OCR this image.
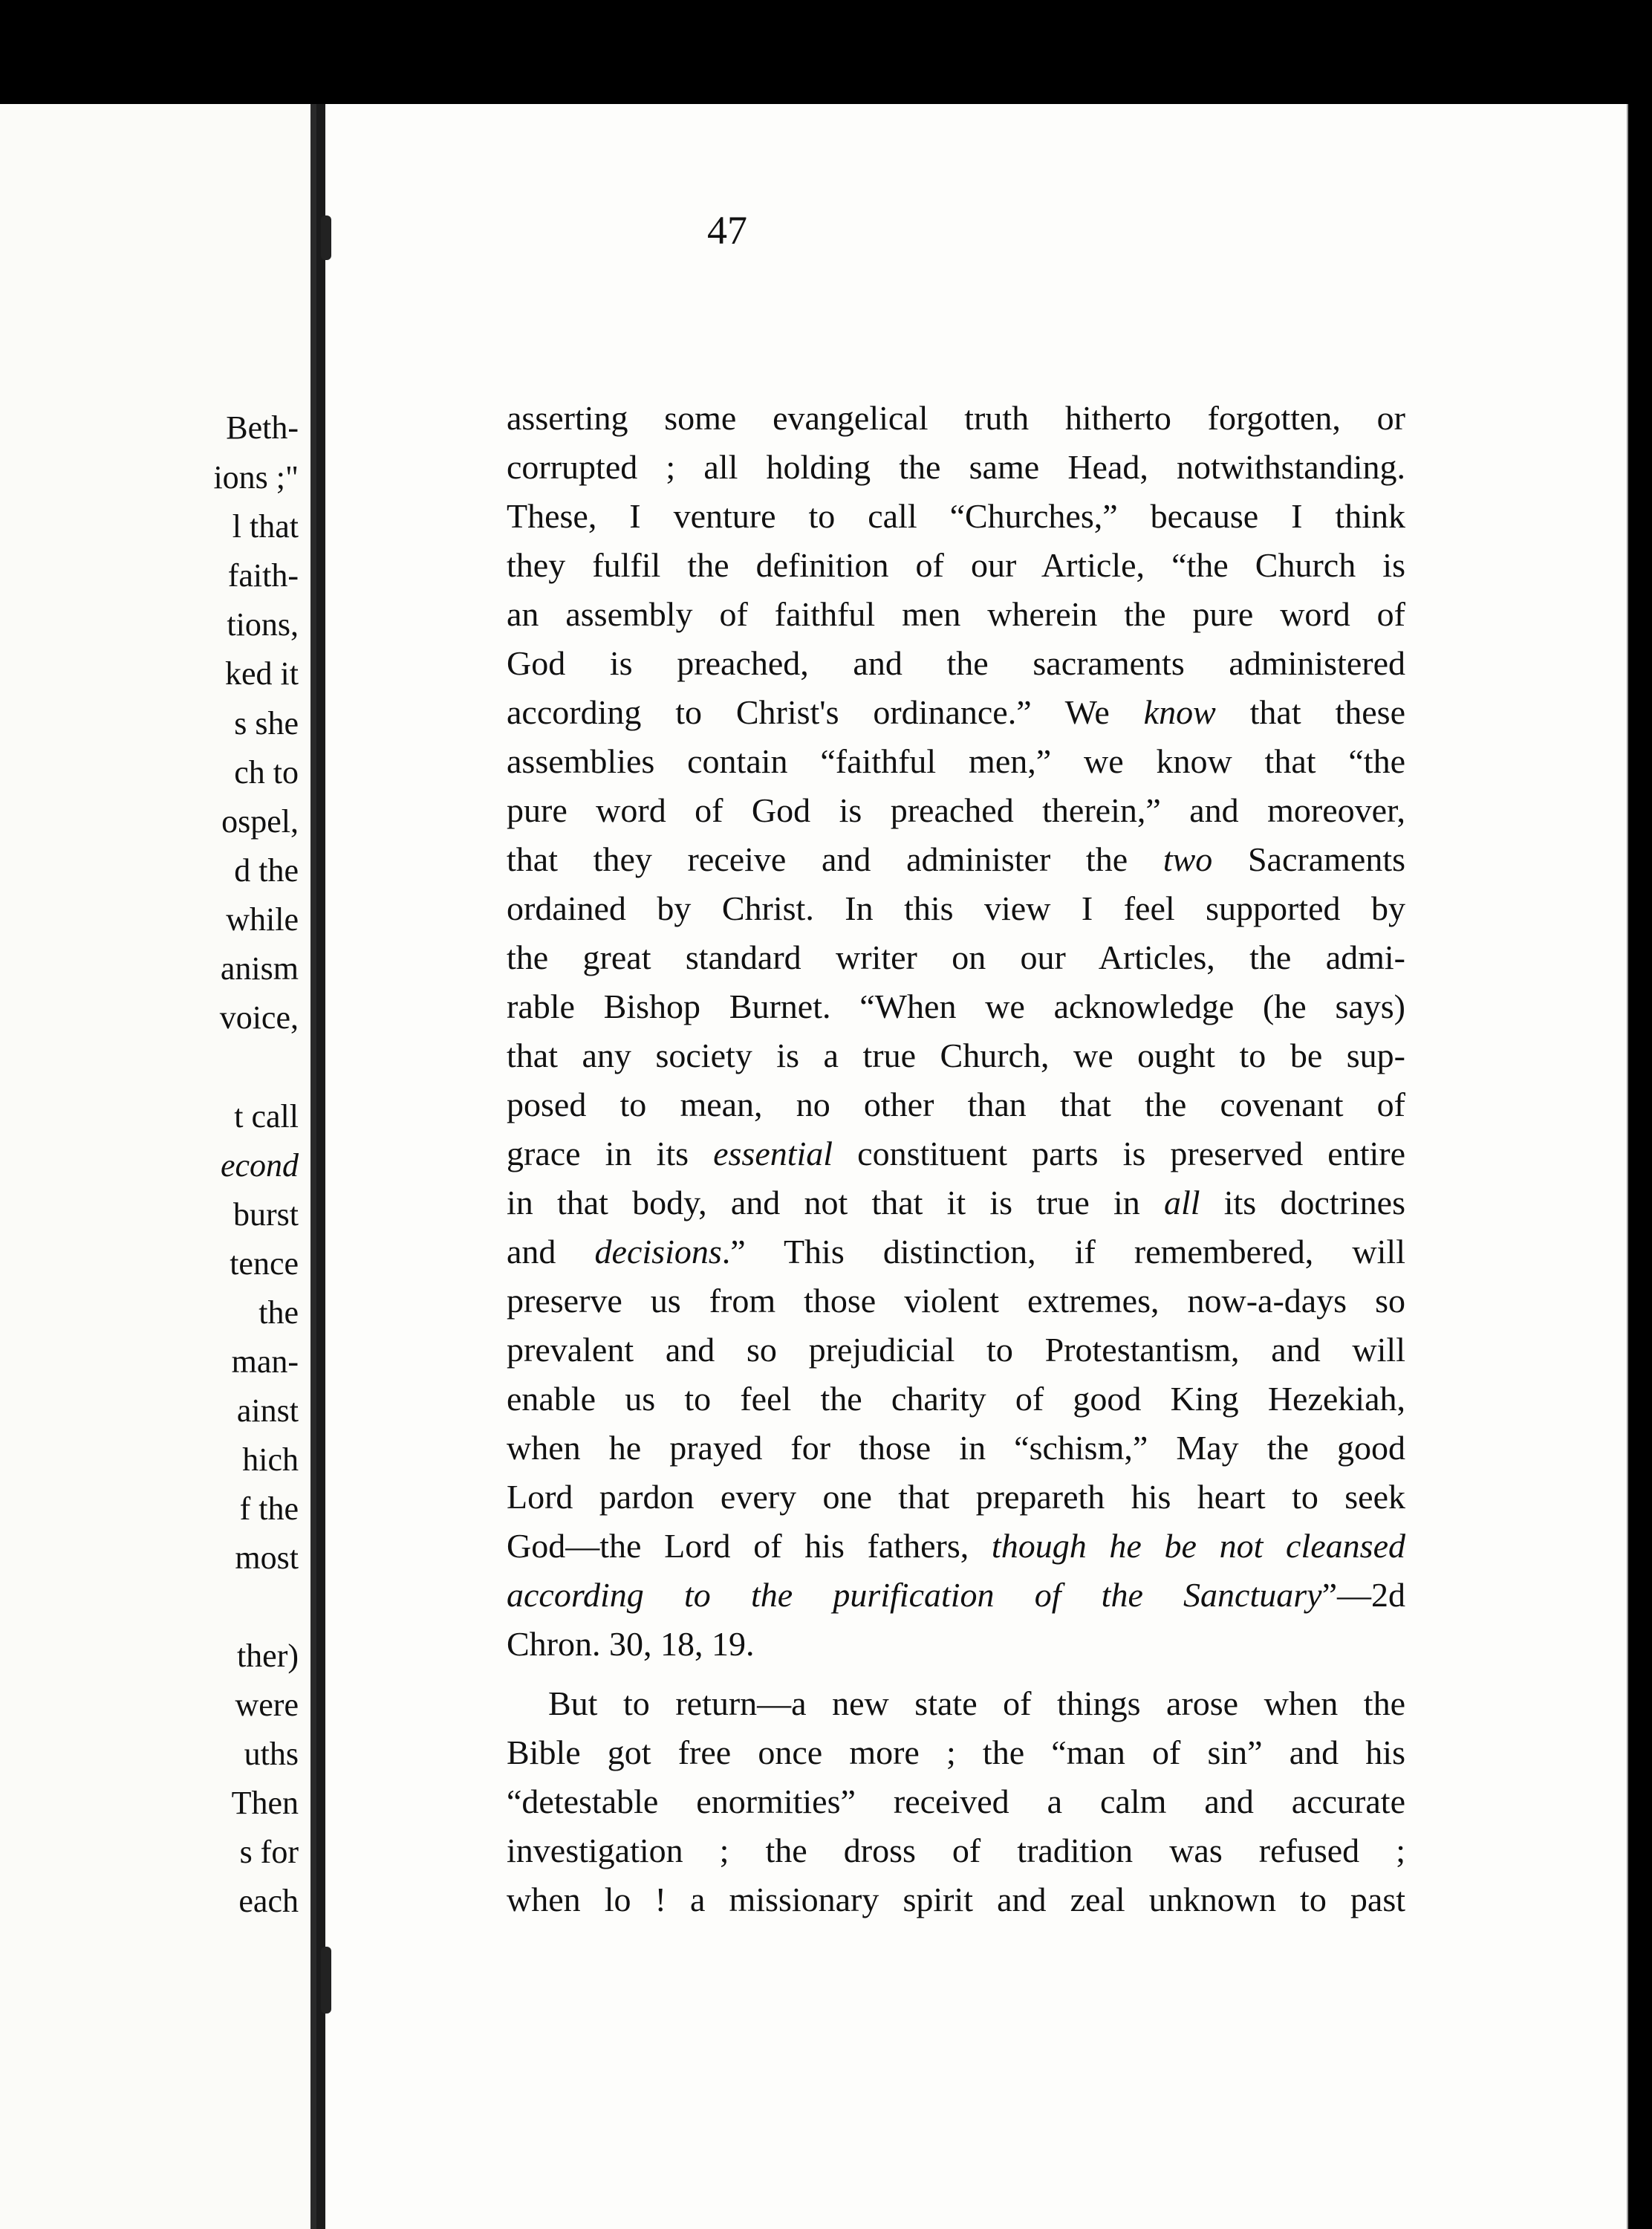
Beth-
ions ;"
l that
faith-
tions,
ked it
s she
ch to
ospel,
d the
while
anism
voice,
t call
econd
burst
tence
the
man-
ainst
hich
f the
most
ther)
were
uths
Then
s for
each
47
asserting some evangelical truth hitherto forgotten, or
corrupted ; all holding the same Head, notwithstanding.
These, I venture to call “Churches,” because I think
they fulfil the definition of our Article, “the Church is
an assembly of faithful men wherein the pure word of
God is preached, and the sacraments administered
according to Christ's ordinance.” We know that these
assemblies contain “faithful men,” we know that “the
pure word of God is preached therein,” and moreover,
that they receive and administer the two Sacraments
ordained by Christ. In this view I feel supported by
the great standard writer on our Articles, the admi-
rable Bishop Burnet. “When we acknowledge (he says)
that any society is a true Church, we ought to be sup-
posed to mean, no other than that the covenant of
grace in its essential constituent parts is preserved entire
in that body, and not that it is true in all its doctrines
and decisions.” This distinction, if remembered, will
preserve us from those violent extremes, now-a-days so
prevalent and so prejudicial to Protestantism, and will
enable us to feel the charity of good King Hezekiah,
when he prayed for those in “schism,” May the good
Lord pardon every one that prepareth his heart to seek
God—the Lord of his fathers, though he be not cleansed
according to the purification of the Sanctuary”—2d
Chron. 30, 18, 19.
But to return—a new state of things arose when the
Bible got free once more ; the “man of sin” and his
“detestable enormities” received a calm and accurate
investigation ; the dross of tradition was refused ;
when lo ! a missionary spirit and zeal unknown to past
